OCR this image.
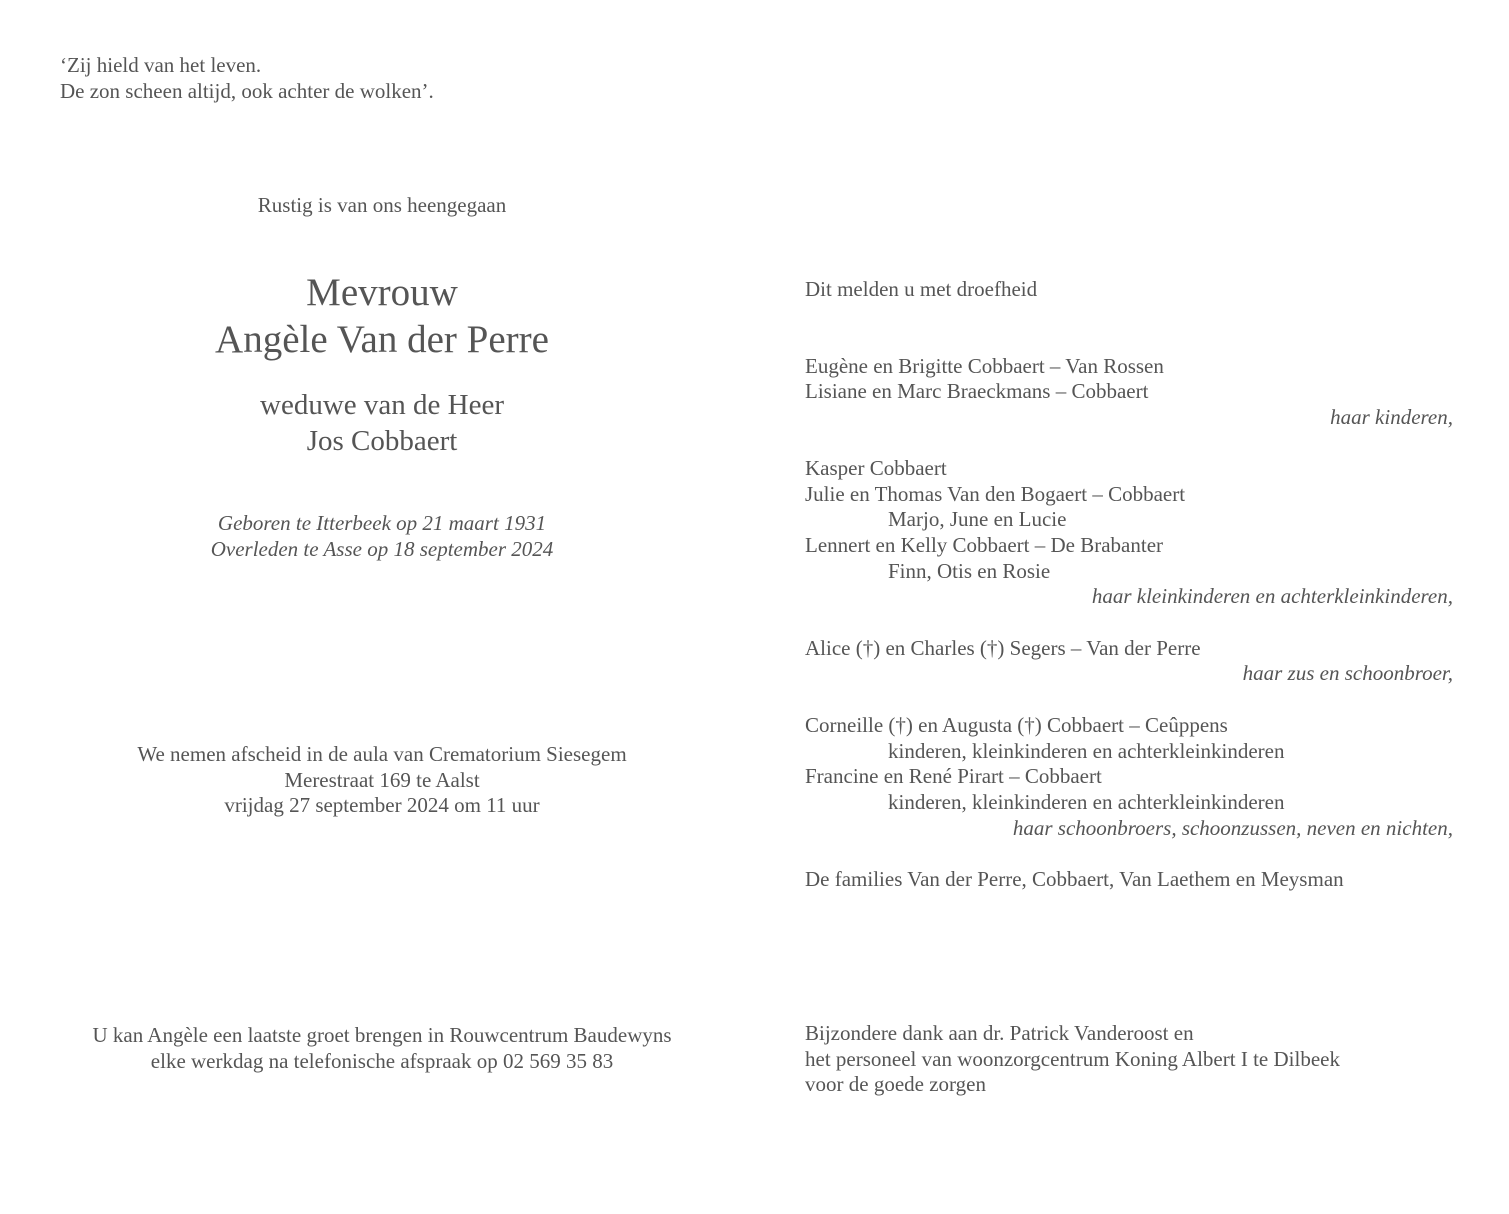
‘Zij hield van het leven.
De zon scheen altijd, ook achter de wolken’.
Rustig is van ons heengegaan
Mevrouw
Angèle Van der Perre
weduwe van de Heer
Jos Cobbaert
Geboren te Itterbeek op 21 maart 1931
Overleden te Asse op 18 september 2024
We nemen afscheid in de aula van Crematorium Siesegem
Merestraat 169 te Aalst
vrijdag 27 september 2024 om 11 uur
U kan Angèle een laatste groet brengen in Rouwcentrum Baudewyns
elke werkdag na telefonische afspraak op 02 569 35 83
Dit melden u met droefheid
Eugène en Brigitte Cobbaert – Van Rossen
Lisiane en Marc Braeckmans – Cobbaert
haar kinderen,
Kasper Cobbaert
Julie en Thomas Van den Bogaert – Cobbaert
Marjo, June en Lucie
Lennert en Kelly Cobbaert – De Brabanter
Finn, Otis en Rosie
haar kleinkinderen en achterkleinkinderen,
Alice (†) en Charles (†) Segers – Van der Perre
haar zus en schoonbroer,
Corneille (†) en Augusta (†) Cobbaert – Ceûppens
kinderen, kleinkinderen en achterkleinkinderen
Francine en René Pirart – Cobbaert
kinderen, kleinkinderen en achterkleinkinderen
haar schoonbroers, schoonzussen, neven en nichten,
De families Van der Perre, Cobbaert, Van Laethem en Meysman
Bijzondere dank aan dr. Patrick Vanderoost en
het personeel van woonzorgcentrum Koning Albert I te Dilbeek
voor de goede zorgen
